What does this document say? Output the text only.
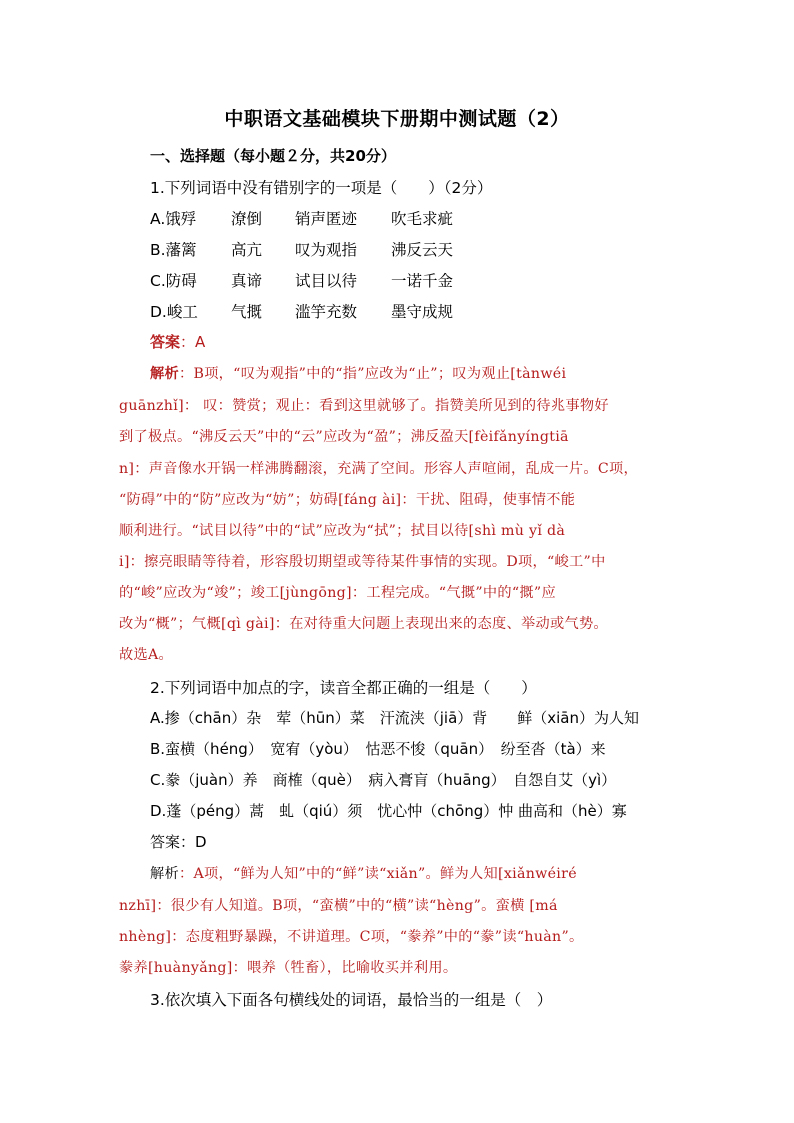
中职语文基础模块下册期中测试题（2）
一、选择题（每小题２分，共20分）
1.下列词语中没有错别字的一项是（　　）（2分）
A.饿殍 潦倒 销声匿迹 吹毛求疵
B.藩篱 高亢 叹为观指 沸反云天
C.防碍 真谛 试目以待 一诺千金
D.峻工 气摡 滥竽充数 墨守成规
答案：A
解析：B项，“叹为观指”中的“指”应改为“止”；叹为观止[tànwéi
guānzhǐ]： 叹：赞赏；观止：看到这里就够了。指赞美所见到的待兆事物好
到了极点。“沸反云天”中的“云”应改为“盈”；沸反盈天[fèifǎnyíngtiā
n]：声音像水开锅一样沸腾翻滚，充满了空间。形容人声喧闹，乱成一片。C项，
“防碍”中的“防”应改为“妨”；妨碍[fáng ài]：干扰、阻碍，使事情不能
顺利进行。“试目以待”中的“试”应改为“拭”；拭目以待[shì mù yǐ dà
i]：擦亮眼睛等待着，形容殷切期望或等待某件事情的实现。D项，“峻工”中
的“峻”应改为“竣”；竣工[jùngōng]：工程完成。“气摡”中的“摡”应
改为“概”；气概[qì gài]：在对待重大问题上表现出来的态度、举动或气势。
故选A。
2.下列词语中加点的字，读音全都正确的一组是（　　）
A.掺（chān）杂　荤（hūn）菜　汗流浃（jiā）背　　鲜（xiān）为人知
B.蛮横（héng）　宽宥（yòu）　怙恶不悛（quān）　纷至沓（tà）来
C.豢（juàn）养　商榷（què）　病入膏肓（huāng）　自怨自艾（yì）
D.蓬（péng）蒿　虬（qiú）须　忧心忡（chōng）忡 曲高和（hè）寡
答案：D
解析：A项，“鲜为人知”中的“鲜”读“xiǎn”。鲜为人知[xiǎnwéiré
nzhī]：很少有人知道。B项，“蛮横”中的“横”读“hèng”。蛮横 [má
nhèng]：态度粗野暴躁，不讲道理。C项，“豢养”中的“豢”读“huàn”。
豢养[huànyǎng]：喂养（牲畜），比喻收买并利用。
3.依次填入下面各句横线处的词语，最恰当的一组是（　）
